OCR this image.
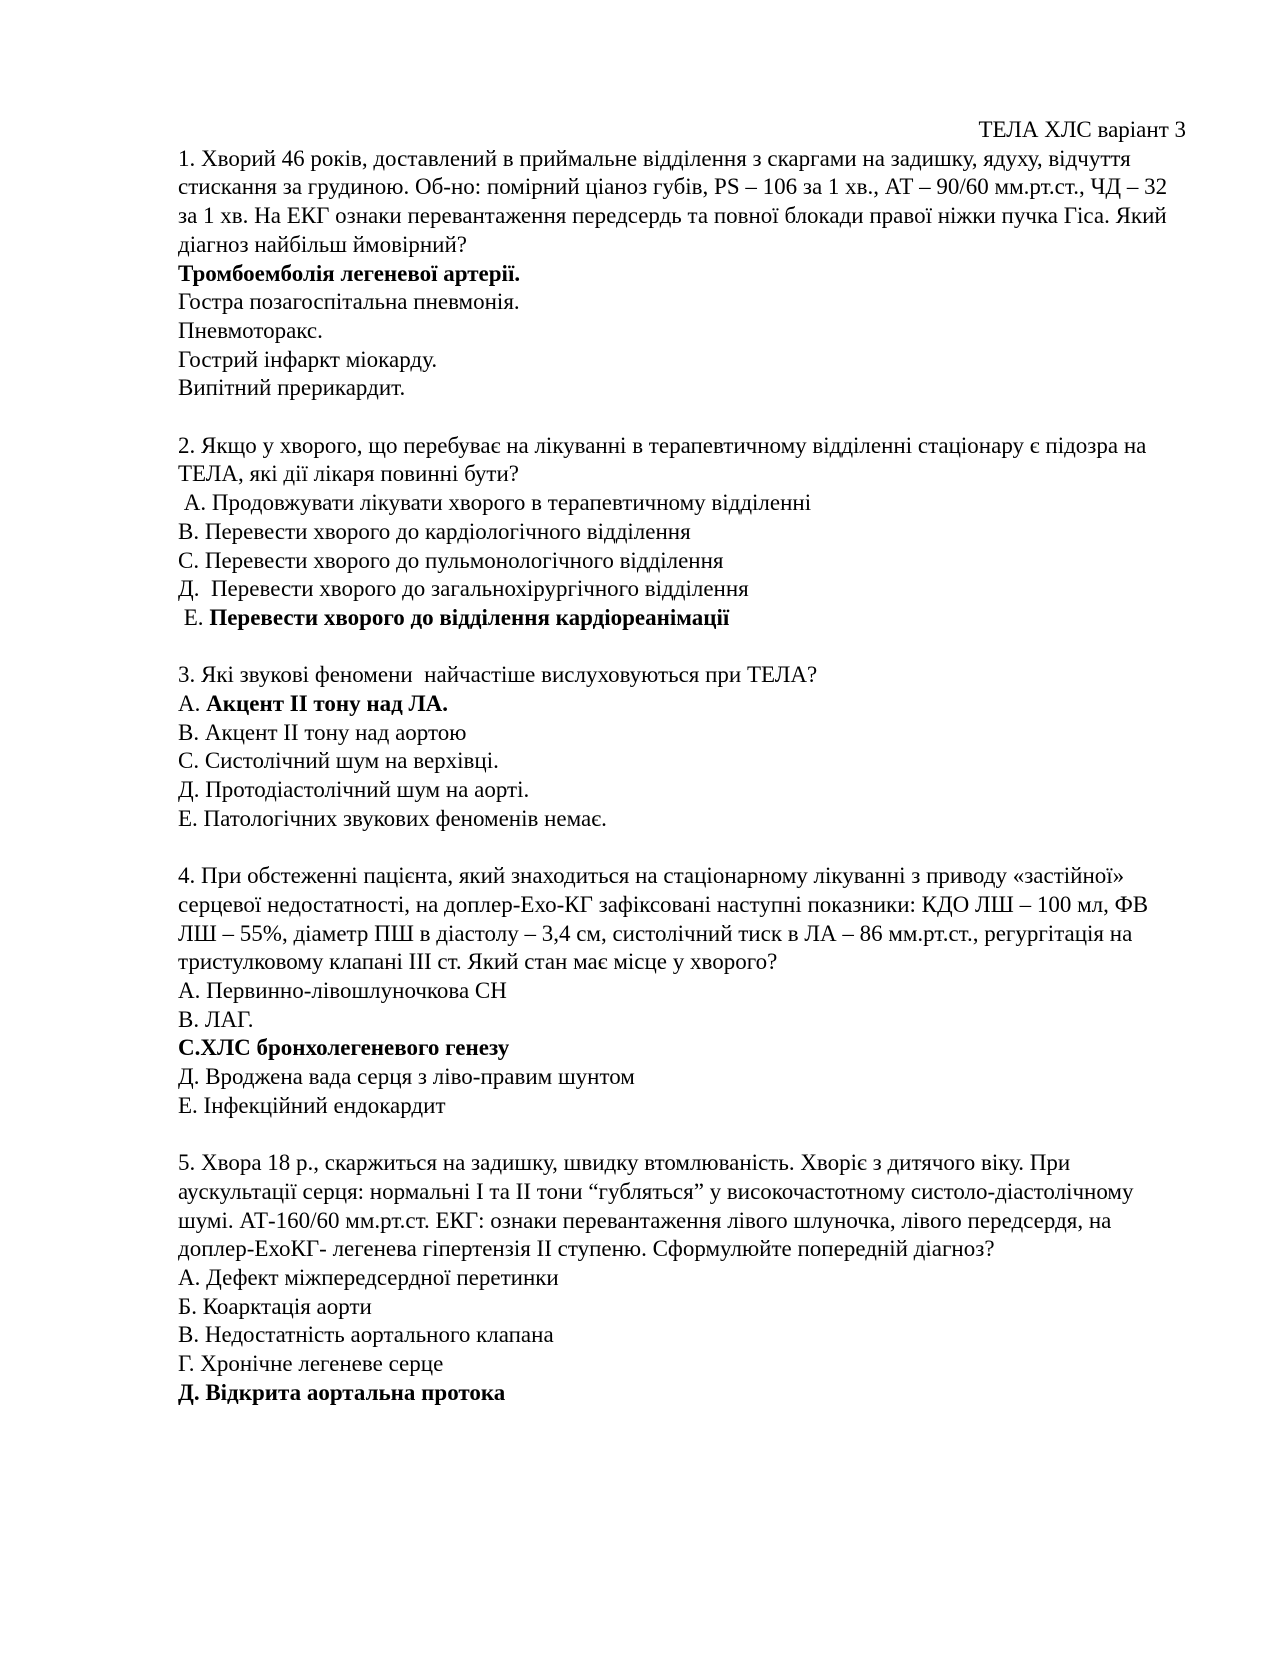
ТЕЛА ХЛС варіант 3

1. Хворий 46 років, доставлений в приймальне відділення з скаргами на задишку, ядуху, відчуття стискання за грудиною. Об-но: помірний ціаноз губів, PS – 106 за 1 хв., АТ – 90/60 мм.рт.ст., ЧД – 32 за 1 хв. На ЕКГ ознаки перевантаження передсердь та повної блокади правої ніжки пучка Гіса. Який діагноз найбільш ймовірний?

Тромбоемболія легеневої артерії.

Гостра позагоспітальна пневмонія.

Пневмоторакс.

Гострий інфаркт міокарду.

Випітний прерикардит.

2. Якщо у хворого, що перебуває на лікуванні в терапевтичному відділенні стаціонару є підозра на ТЕЛА, які дії лікаря повинні бути?

А. Продовжувати лікувати хворого в терапевтичному відділенні

В. Перевести хворого до кардіологічного відділення

С. Перевести хворого до пульмонологічного відділення

Д.  Перевести хворого до загальнохірургічного відділення

Е. Перевести хворого до відділення кардіореанімації

3. Які звукові феномени  найчастіше вислуховуються при ТЕЛА?

А. Акцент ІІ тону над ЛА.

В. Акцент ІІ тону над аортою

С. Систолічний шум на верхівці.

Д. Протодіастолічний шум на аорті.

Е. Патологічних звукових феноменів немає.

4. При обстеженні пацієнта, який знаходиться на стаціонарному лікуванні з приводу «застійної» серцевої недостатності, на доплер-Ехо-КГ зафіксовані наступні показники: КДО ЛШ – 100 мл, ФВ ЛШ – 55%, діаметр ПШ в діастолу – 3,4 см, систолічний тиск в ЛА – 86 мм.рт.ст., регургітація на тристулковому клапані ІІІ ст. Який стан має місце у хворого?

А. Первинно-лівошлуночкова СН

В. ЛАГ.

С.ХЛС бронхолегеневого генезу

Д. Вроджена вада серця з ліво-правим шунтом

Е. Інфекційний ендокардит

5. Хвора 18 р., скаржиться на задишку, швидку втомлюваність. Хворіє з дитячого віку. При аускультації серця: нормальні І та ІІ тони “губляться” у високочастотному систоло-діастолічному шумі. АТ-160/60 мм.рт.ст. ЕКГ: ознаки перевантаження лівого шлуночка, лівого передсердя, на доплер-ЕхоКГ- легенева гіпертензія ІІ ступеню. Сформулюйте попередній діагноз?

А. Дефект міжпередсердної перетинки

Б. Коарктація аорти

В. Недостатність аортального клапана

Г. Хронічне легеневе серце

Д. Відкрита аортальна протока
